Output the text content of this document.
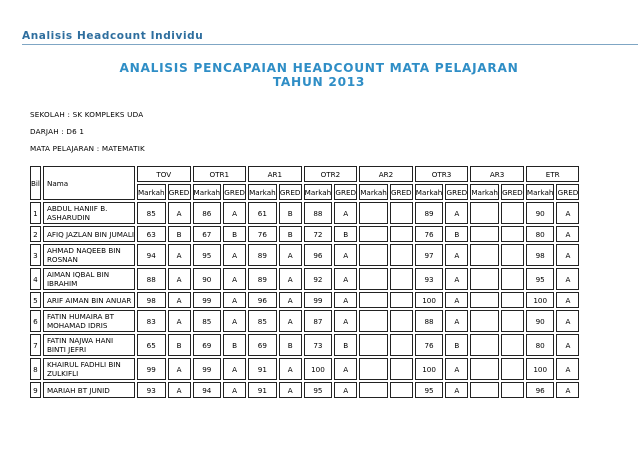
Analisis Headcount Individu
ANALISIS PENCAPAIAN HEADCOUNT MATA PELAJARAN
TAHUN 2013
SEKOLAH : SK KOMPLEKS UDA
DARJAH : D6 1
MATA PELAJARAN : MATEMATIK
Bil	Nama	TOV		OTR1		AR1		OTR2		AR2		OTR3		AR3		ETR	
		Markah	GRED	Markah	GRED	Markah	GRED	Markah	GRED	Markah	GRED	Markah	GRED	Markah	GRED	Markah	GRED
1	ABDUL HANIIF B. ASHARUDIN	85	A	86	A	61	B	88	A			89	A			90	A
2	AFIQ JAZLAN BIN JUMALI	63	B	67	B	76	B	72	B			76	B			80	A
3	AHMAD NAQEEB BIN ROSNAN	94	A	95	A	89	A	96	A			97	A			98	A
4	AIMAN IQBAL BIN IBRAHIM	88	A	90	A	89	A	92	A			93	A			95	A
5	ARIF AIMAN BIN ANUAR	98	A	99	A	96	A	99	A			100	A			100	A
6	FATIN HUMAIRA BT MOHAMAD IDRIS	83	A	85	A	85	A	87	A			88	A			90	A
7	FATIN NAJWA HANI BINTI JEFRI	65	B	69	B	69	B	73	B			76	B			80	A
8	KHAIRUL FADHLI BIN ZULKIFLI	99	A	99	A	91	A	100	A			100	A			100	A
9	MARIAH BT JUNID	93	A	94	A	91	A	95	A			95	A			96	A
